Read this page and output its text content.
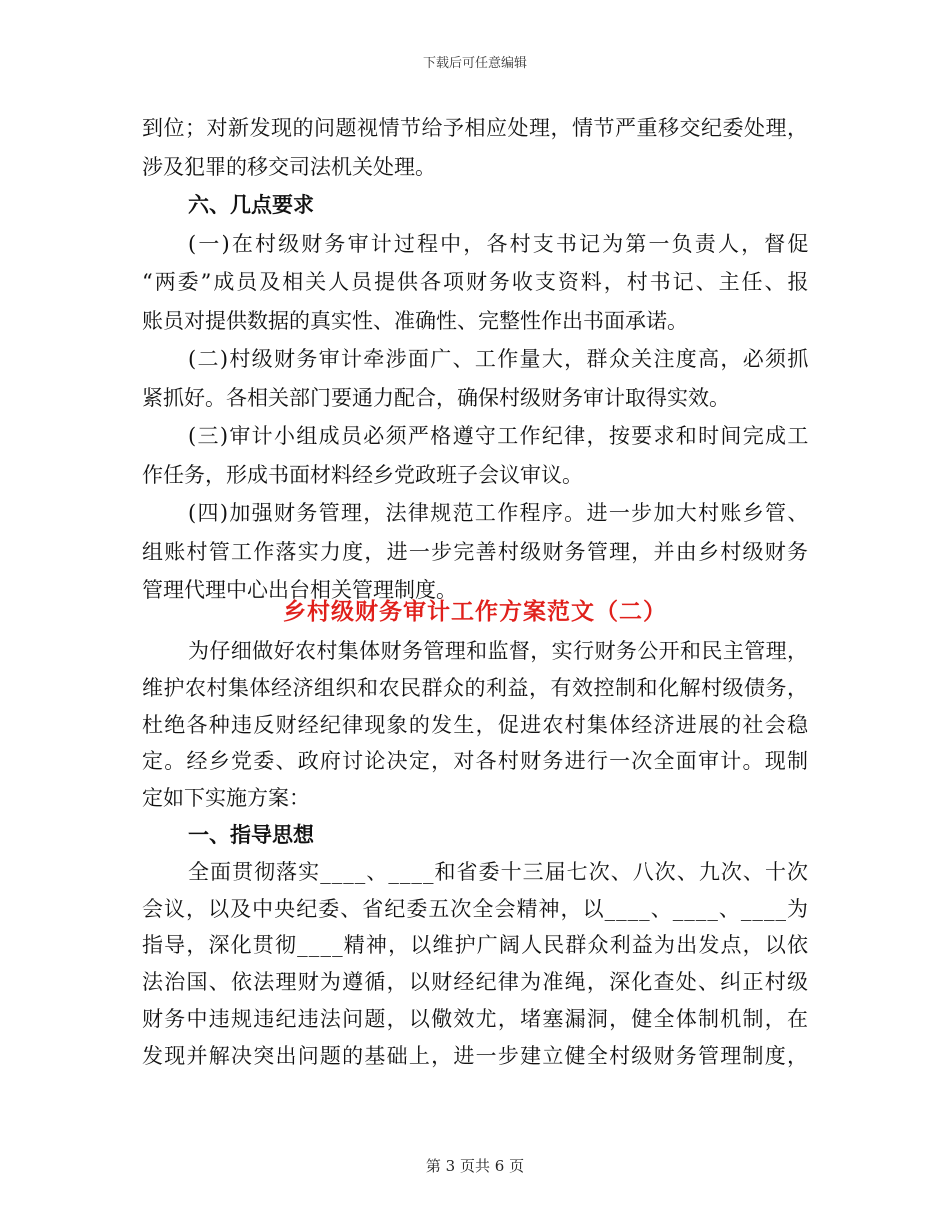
下载后可任意编辑
到位；对新发现的问题视情节给予相应处理，情节严重移交纪委处理，
涉及犯罪的移交司法机关处理。
六、几点要求
(一)在村级财务审计过程中，各村支书记为第一负责人，督促
“两委”成员及相关人员提供各项财务收支资料，村书记、主任、报
账员对提供数据的真实性、准确性、完整性作出书面承诺。
(二)村级财务审计牵涉面广、工作量大，群众关注度高，必须抓
紧抓好。各相关部门要通力配合，确保村级财务审计取得实效。
(三)审计小组成员必须严格遵守工作纪律，按要求和时间完成工
作任务，形成书面材料经乡党政班子会议审议。
(四)加强财务管理，法律规范工作程序。进一步加大村账乡管、
组账村管工作落实力度，进一步完善村级财务管理，并由乡村级财务
管理代理中心出台相关管理制度。
为仔细做好农村集体财务管理和监督，实行财务公开和民主管理，
维护农村集体经济组织和农民群众的利益，有效控制和化解村级债务，
杜绝各种违反财经纪律现象的发生，促进农村集体经济进展的社会稳
定。经乡党委、政府讨论决定，对各村财务进行一次全面审计。现制
定如下实施方案：
一、指导思想
全面贯彻落实____、____和省委十三届七次、八次、九次、十次
会议，以及中央纪委、省纪委五次全会精神，以____、____、____为
指导，深化贯彻____精神，以维护广阔人民群众利益为出发点，以依
法治国、依法理财为遵循，以财经纪律为准绳，深化查处、纠正村级
财务中违规违纪违法问题，以儆效尤，堵塞漏洞，健全体制机制，在
发现并解决突出问题的基础上，进一步建立健全村级财务管理制度，
乡村级财务审计工作方案范文（二）
第 3 页共 6 页
